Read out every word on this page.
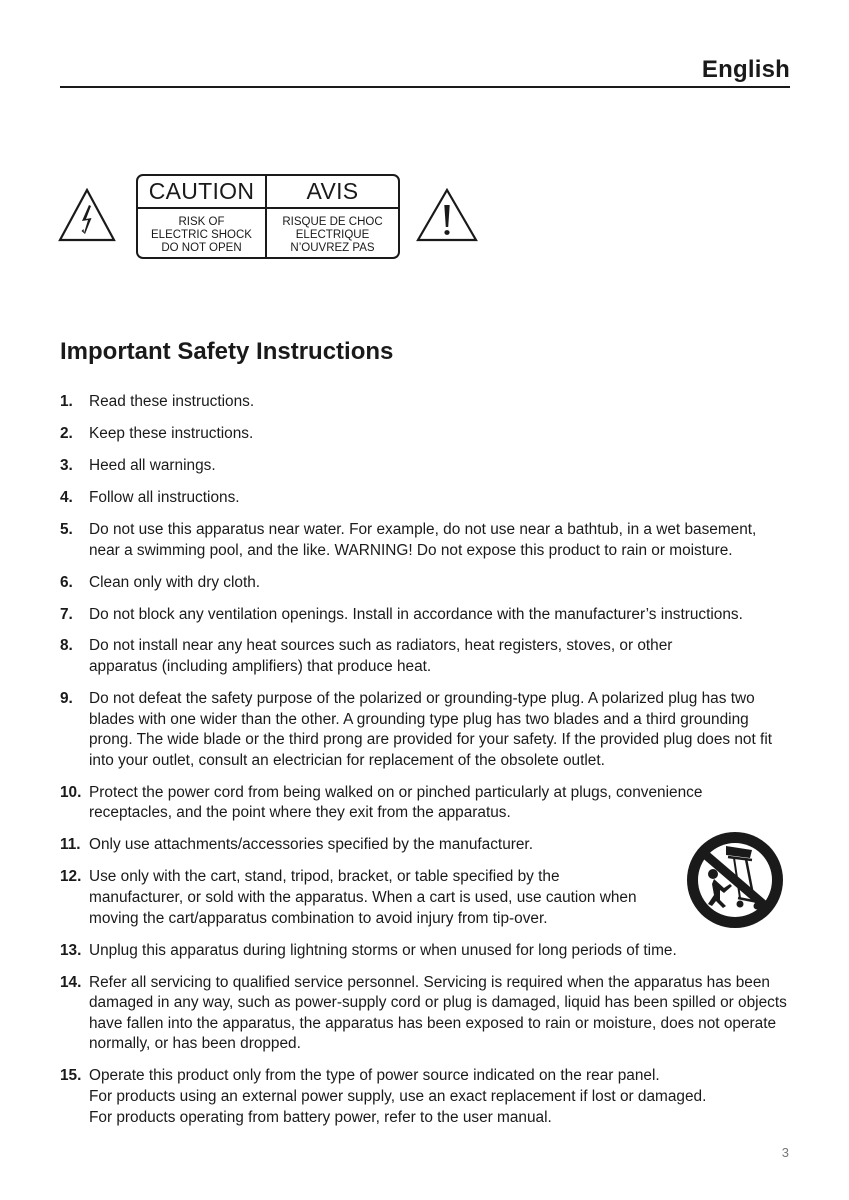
English
CAUTION	AVIS
RISK OF
ELECTRIC SHOCK
DO NOT OPEN
RISQUE DE CHOC
ELECTRIQUE
N’OUVREZ PAS
Important Safety Instructions
1. Read these instructions.
2. Keep these instructions.
3. Heed all warnings.
4. Follow all instructions.
5. Do not use this apparatus near water. For example, do not use near a bathtub, in a wet basement, near a swimming pool, and the like. WARNING! Do not expose this product to rain or moisture.
6. Clean only with dry cloth.
7. Do not block any ventilation openings. Install in accordance with the manufacturer’s instructions.
8. Do not install near any heat sources such as radiators, heat registers, stoves, or other apparatus (including amplifiers) that produce heat.
9. Do not defeat the safety purpose of the polarized or grounding-type plug. A polarized plug has two blades with one wider than the other. A grounding type plug has two blades and a third grounding prong. The wide blade or the third prong are provided for your safety. If the provided plug does not fit into your outlet, consult an electrician for replacement of the obsolete outlet.
10. Protect the power cord from being walked on or pinched particularly at plugs, convenience receptacles, and the point where they exit from the apparatus.
11. Only use attachments/accessories specified by the manufacturer.
12. Use only with the cart, stand, tripod, bracket, or table specified by the manufacturer, or sold with the apparatus. When a cart is used, use caution when moving the cart/apparatus combination to avoid injury from tip-over.
13. Unplug this apparatus during lightning storms or when unused for long periods of time.
14. Refer all servicing to qualified service personnel. Servicing is required when the apparatus has been damaged in any way, such as power-supply cord or plug is damaged, liquid has been spilled or objects have fallen into the apparatus, the apparatus has been exposed to rain or moisture, does not operate normally, or has been dropped.
15. Operate this product only from the type of power source indicated on the rear panel.
For products using an external power supply, use an exact replacement if lost or damaged.
For products operating from battery power, refer to the user manual.
3
